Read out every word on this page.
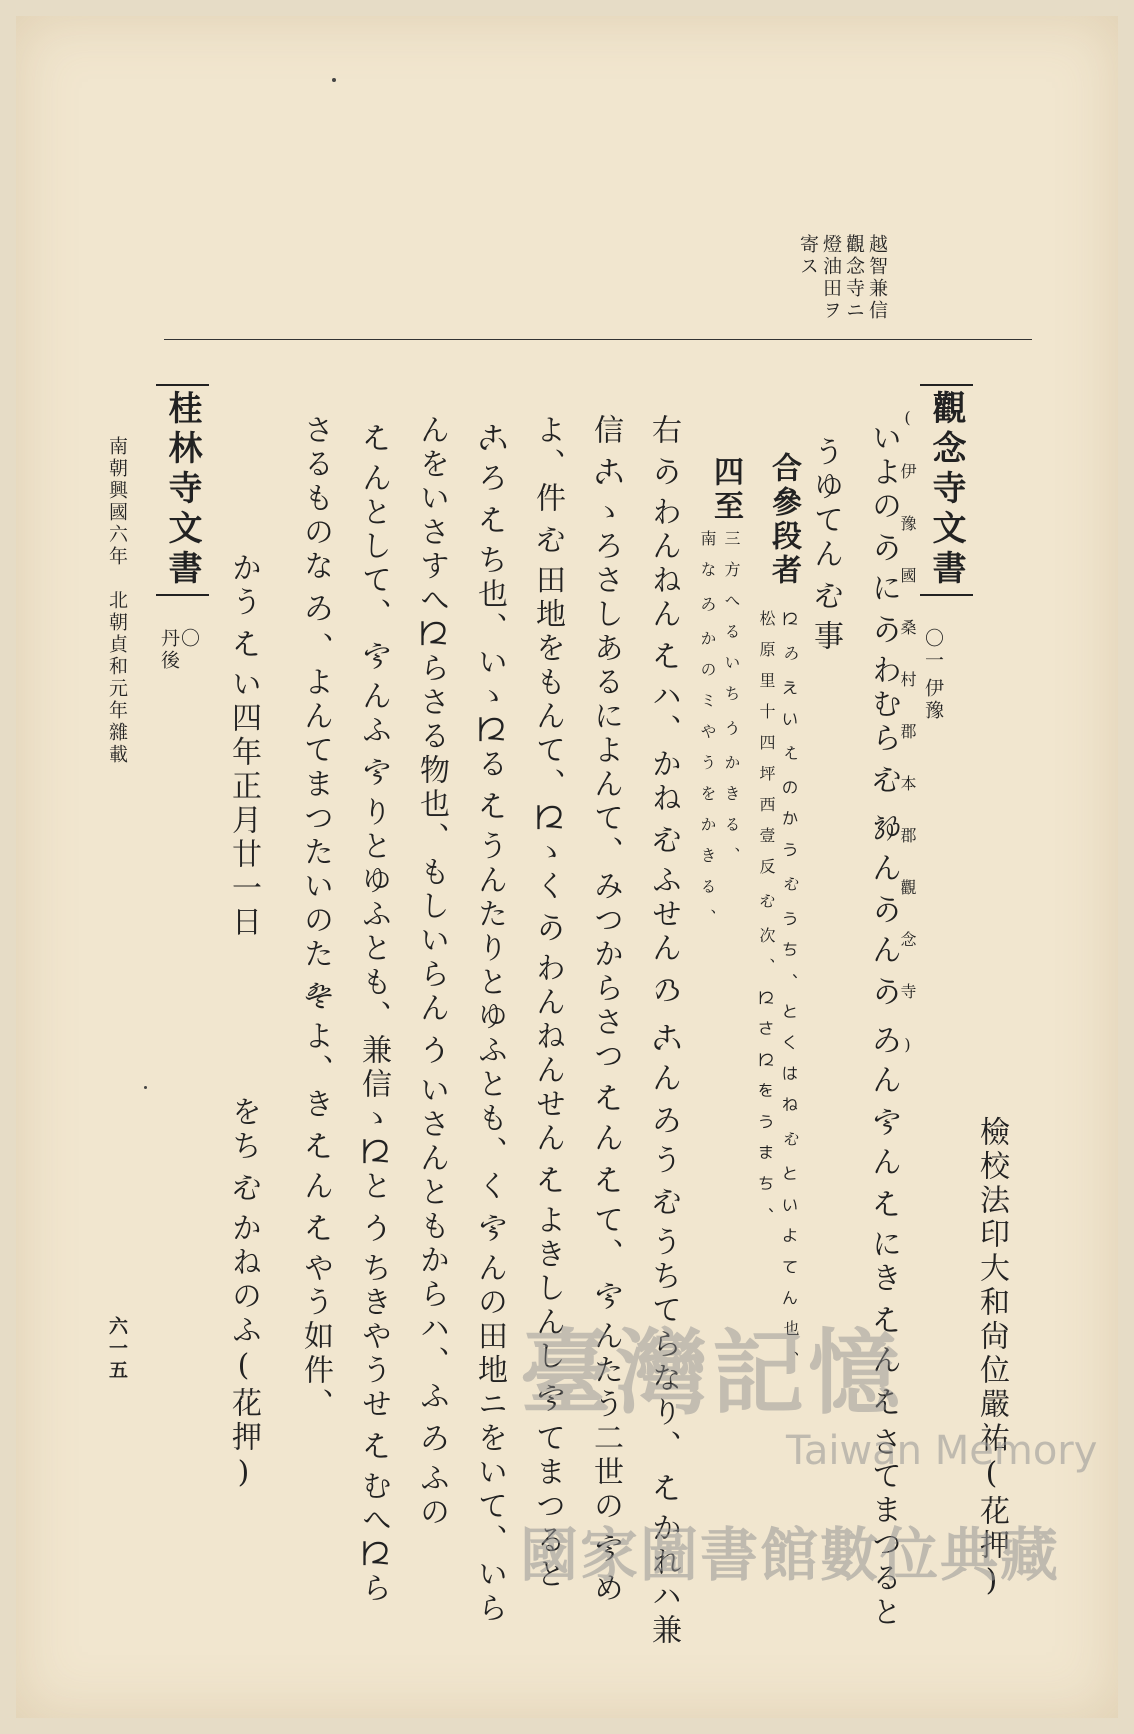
越智兼信
觀念寺ニ
燈油田ヲ
寄ス
檢校法印大和尙位嚴祐(花押)
觀念寺文書
〇一
伊豫
(伊豫國桑村郡本郡觀念寺)
いよの𛀙に𛀙わむら𛂯𛃠ん𛀙ん𛀙𛃍ん𛀋ん𛂦にき𛂦ん𛂦さてまつると
うゆてん𛂯事
合參段者
𛀁𛃍えい𛂦のかう𛂯うち、とくはね𛂯といよてん也、
松原里十四坪西壹反𛂯次、𛀁さ𛀁をうまち、
四至
三方へるいち𛀚かきる、
南な𛃍かのミやうをかきる、
右𛀙わんねん𛂦ハ、かね𛂯ふせん𛂙𛀸ん𛃍う𛂯うちてらなり、𛂦かれハ兼
信𛀸ゝろさしあるによんて、みつからさつ𛂦ん𛂦て、𛀋んたう二世の𛀋め
よ、件𛂯田地をもんて、𛀁ゝく𛀙わんねんせん𛂦よきしんし𛀋てまつると
𛀸ろ𛂦ち也、いゝ𛀁る𛂦うんたりとゆふとも、く𛀋んの田地ニをいて、いら
んをいさすへ𛀁らさる物也、もしいらん𛀚いさんともからハ、ふ𛃍ふの
𛂦んとして、𛀋んふ𛀋りとゆふとも、兼信ゝ𛀁と𛀚ちきやうせ𛂦むへ𛀁ら
さるものな𛃍、よんてまつたいのた𛂢よ、き𛂦ん𛂦やう如件、
かう𛂦い四年正月廿一日
をち𛂯かねのふ(花押)
桂林寺文書
〇
丹後
南朝興國六年　北朝貞和元年雜載
六一五	臺灣記憶
Taiwan Memory
國家圖書館數位典藏
